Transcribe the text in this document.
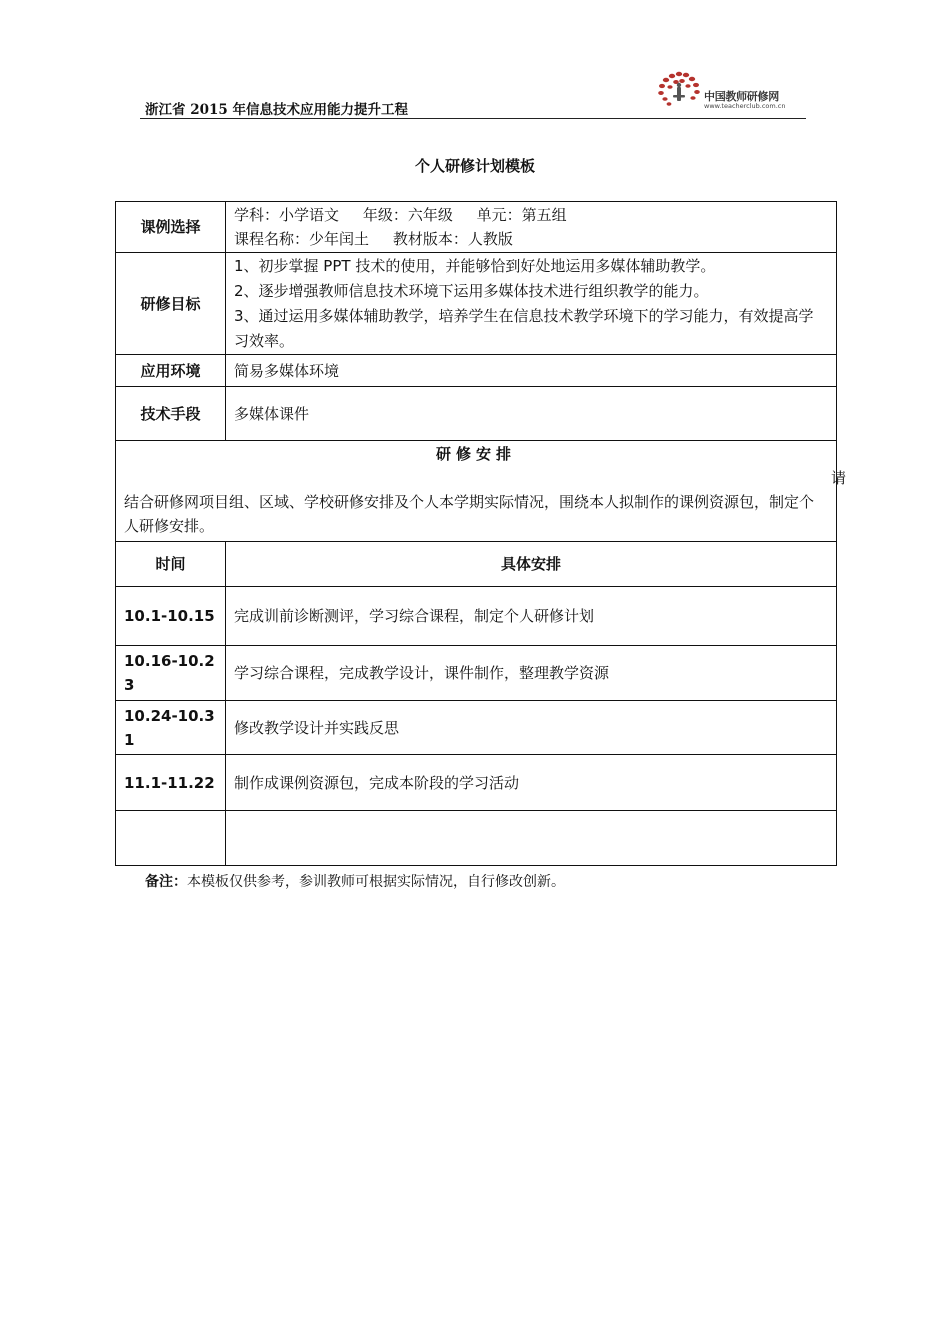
浙江省 2015 年信息技术应用能力提升工程
中国教师研修网
www.teacherclub.com.cn
个人研修计划模板
课例选择	学科：小学语文     年级：六年级     单元：第五组
课程名称：少年闰土     教材版本：人教版

研修目标	1、初步掌握 PPT 技术的使用，并能够恰到好处地运用多媒体辅助教学。
2、逐步增强教师信息技术环境下运用多媒体技术进行组织教学的能力。
3、通过运用多媒体辅助教学，培养学生在信息技术教学环境下的学习能力，有效提高学习效率。

应用环境	简易多媒体环境
技术手段	多媒体课件

研修安排
请
结合研修网项目组、区域、学校研修安排及个人本学期实际情况，围绕本人拟制作的课例资源包，制定个人研修安排。	

时间	具体安排
10.1-10.15	完成训前诊断测评，学习综合课程，制定个人研修计划
10.16-10.23	学习综合课程，完成教学设计，课件制作，整理教学资源
10.24-10.31	修改教学设计并实践反思
11.1-11.22	制作成课例资源包，完成本阶段的学习活动

备注：本模板仅供参考，参训教师可根据实际情况，自行修改创新。
